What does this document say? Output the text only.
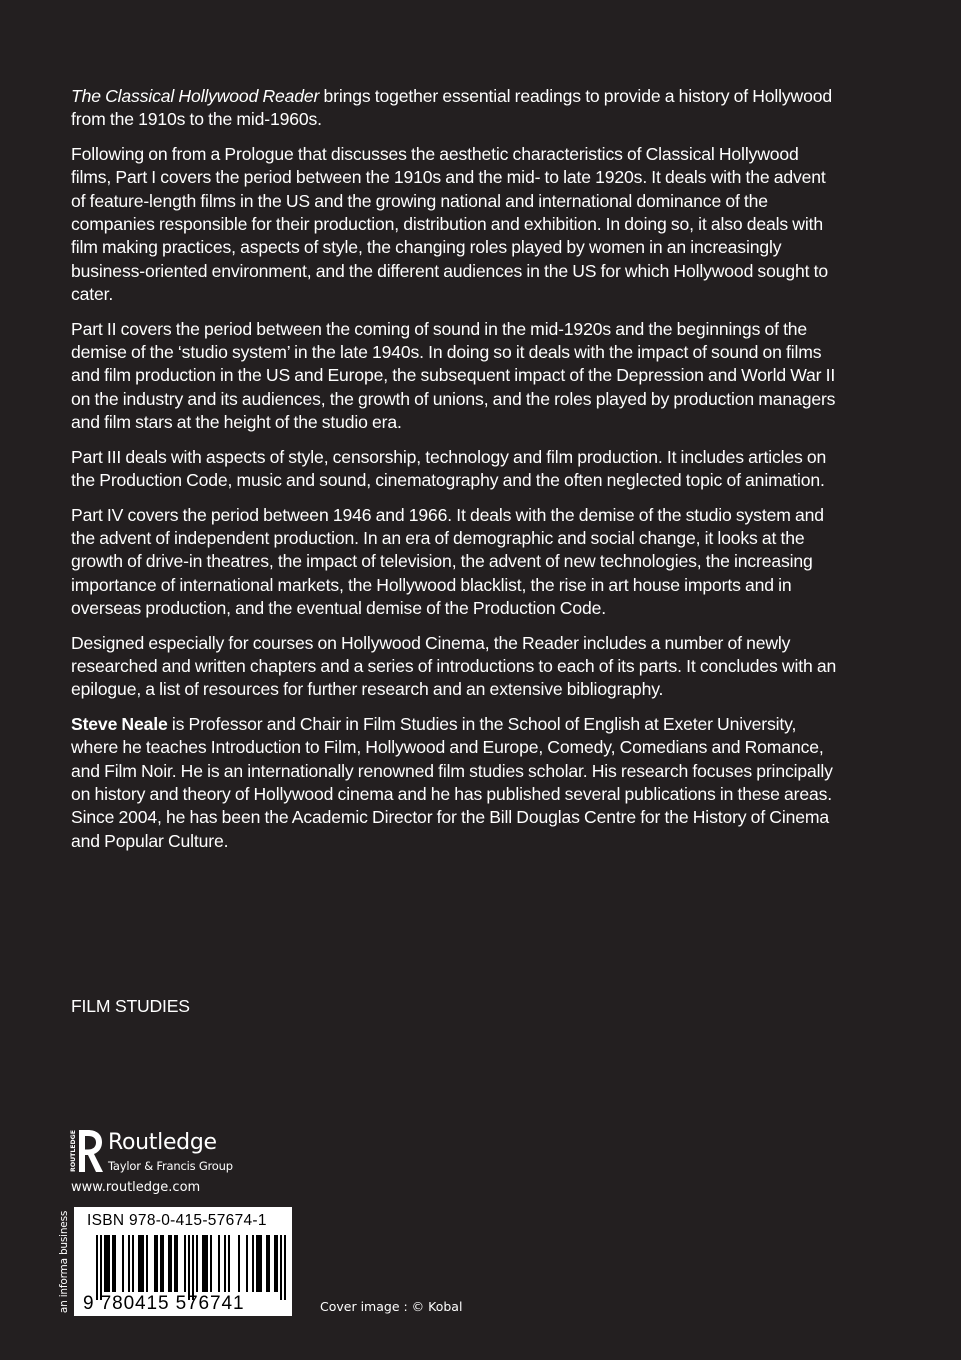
The Classical Hollywood Reader brings together essential readings to provide a history of Hollywood from the 1910s to the mid-1960s.

Following on from a Prologue that discusses the aesthetic characteristics of Classical Hollywood films, Part I covers the period between the 1910s and the mid- to late 1920s. It deals with the advent of feature-length films in the US and the growing national and international dominance of the companies responsible for their production, distribution and exhibition. In doing so, it also deals with film making practices, aspects of style, the changing roles played by women in an increasingly business-oriented environment, and the different audiences in the US for which Hollywood sought to cater.

Part II covers the period between the coming of sound in the mid-1920s and the beginnings of the demise of the ‘studio system’ in the late 1940s. In doing so it deals with the impact of sound on films and film production in the US and Europe, the subsequent impact of the Depression and World War II on the industry and its audiences, the growth of unions, and the roles played by production managers and film stars at the height of the studio era.

Part III deals with aspects of style, censorship, technology and film production. It includes articles on the Production Code, music and sound, cinematography and the often neglected topic of animation.

Part IV covers the period between 1946 and 1966. It deals with the demise of the studio system and the advent of independent production. In an era of demographic and social change, it looks at the growth of drive-in theatres, the impact of television, the advent of new technologies, the increasing importance of international markets, the Hollywood blacklist, the rise in art house imports and in overseas production, and the eventual demise of the Production Code.

Designed especially for courses on Hollywood Cinema, the Reader includes a number of newly researched and written chapters and a series of introductions to each of its parts. It concludes with an epilogue, a list of resources for further research and an extensive bibliography.

Steve Neale is Professor and Chair in Film Studies in the School of English at Exeter University, where he teaches Introduction to Film, Hollywood and Europe, Comedy, Comedians and Romance, and Film Noir. He is an internationally renowned film studies scholar. His research focuses principally on history and theory of Hollywood cinema and he has published several publications in these areas. Since 2004, he has been the Academic Director for the Bill Douglas Centre for the History of Cinema and Popular Culture.

FILM STUDIES
ROUTLEDGE Routledge
Taylor & Francis Group
www.routledge.com
an informa business ISBN 978-0-415-57674-1
9 780415 576741	Cover image : © Kobal
